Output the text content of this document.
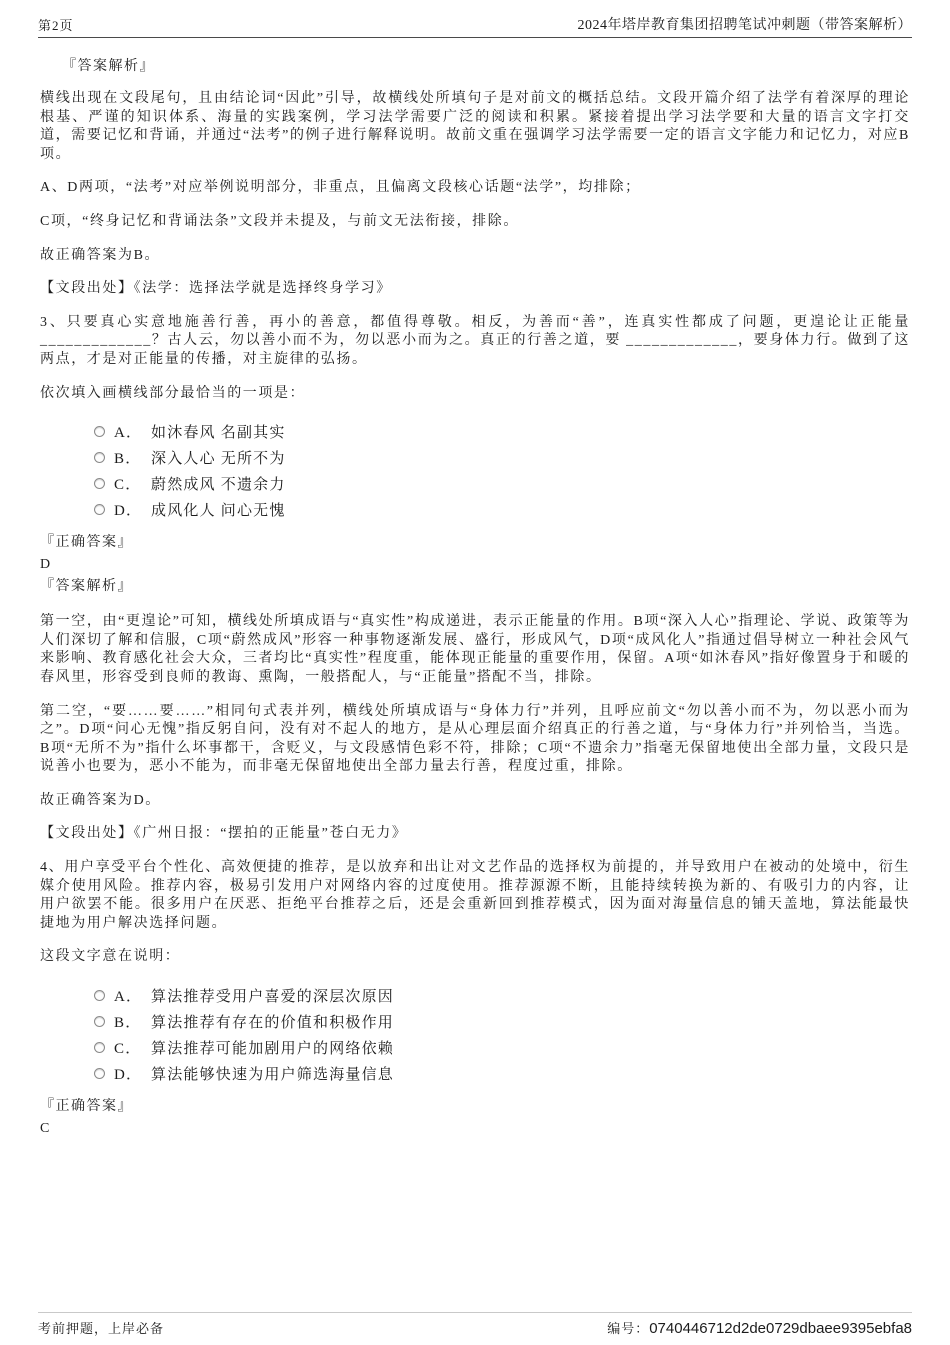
第2页	2024年塔岸教育集团招聘笔试冲刺题（带答案解析）
『答案解析』

横线出现在文段尾句，且由结论词“因此”引导，故横线处所填句子是对前文的概括总结。文段开篇介绍了法学有着深厚的理论根基、严谨的知识体系、海量的实践案例，学习法学需要广泛的阅读和积累。紧接着提出学习法学要和大量的语言文字打交道，需要记忆和背诵，并通过“法考”的例子进行解释说明。故前文重在强调学习法学需要一定的语言文字能力和记忆力，对应B项。

A、D两项，“法考”对应举例说明部分，非重点，且偏离文段核心话题“法学”，均排除；

C项，“终身记忆和背诵法条”文段并未提及，与前文无法衔接，排除。

故正确答案为B。

【文段出处】《法学：选择法学就是选择终身学习》

3、只要真心实意地施善行善，再小的善意，都值得尊敬。相反，为善而“善”，连真实性都成了问题，更遑论让正能量 _____________？古人云，勿以善小而不为，勿以恶小而为之。真正的行善之道，要 _____________，要身体力行。做到了这两点，才是对正能量的传播，对主旋律的弘扬。

依次填入画横线部分最恰当的一项是：

A． 如沐春风 名副其实
B． 深入人心 无所不为
C． 蔚然成风 不遗余力
D． 成风化人 问心无愧
『正确答案』
D
『答案解析』

第一空，由“更遑论”可知，横线处所填成语与“真实性”构成递进，表示正能量的作用。B项“深入人心”指理论、学说、政策等为人们深切了解和信服，C项“蔚然成风”形容一种事物逐渐发展、盛行，形成风气，D项“成风化人”指通过倡导树立一种社会风气来影响、教育感化社会大众，三者均比“真实性”程度重，能体现正能量的重要作用，保留。A项“如沐春风”指好像置身于和暖的春风里，形容受到良师的教诲、熏陶，一般搭配人，与“正能量”搭配不当，排除。

第二空，“要……要……”相同句式表并列，横线处所填成语与“身体力行”并列，且呼应前文“勿以善小而不为，勿以恶小而为之”。D项“问心无愧”指反躬自问，没有对不起人的地方，是从心理层面介绍真正的行善之道，与“身体力行”并列恰当，当选。B项“无所不为”指什么坏事都干，含贬义，与文段感情色彩不符，排除；C项“不遗余力”指毫无保留地使出全部力量，文段只是说善小也要为，恶小不能为，而非毫无保留地使出全部力量去行善，程度过重，排除。

故正确答案为D。

【文段出处】《广州日报：“摆拍的正能量”苍白无力》

4、用户享受平台个性化、高效便捷的推荐，是以放弃和出让对文艺作品的选择权为前提的，并导致用户在被动的处境中，衍生媒介使用风险。推荐内容，极易引发用户对网络内容的过度使用。推荐源源不断，且能持续转换为新的、有吸引力的内容，让用户欲罢不能。很多用户在厌恶、拒绝平台推荐之后，还是会重新回到推荐模式，因为面对海量信息的铺天盖地，算法能最快捷地为用户解决选择问题。

这段文字意在说明：

A． 算法推荐受用户喜爱的深层次原因
B． 算法推荐有存在的价值和积极作用
C． 算法推荐可能加剧用户的网络依赖
D． 算法能够快速为用户筛选海量信息
『正确答案』
C
考前押题，上岸必备	编号：0740446712d2de0729dbaee9395ebfa8
